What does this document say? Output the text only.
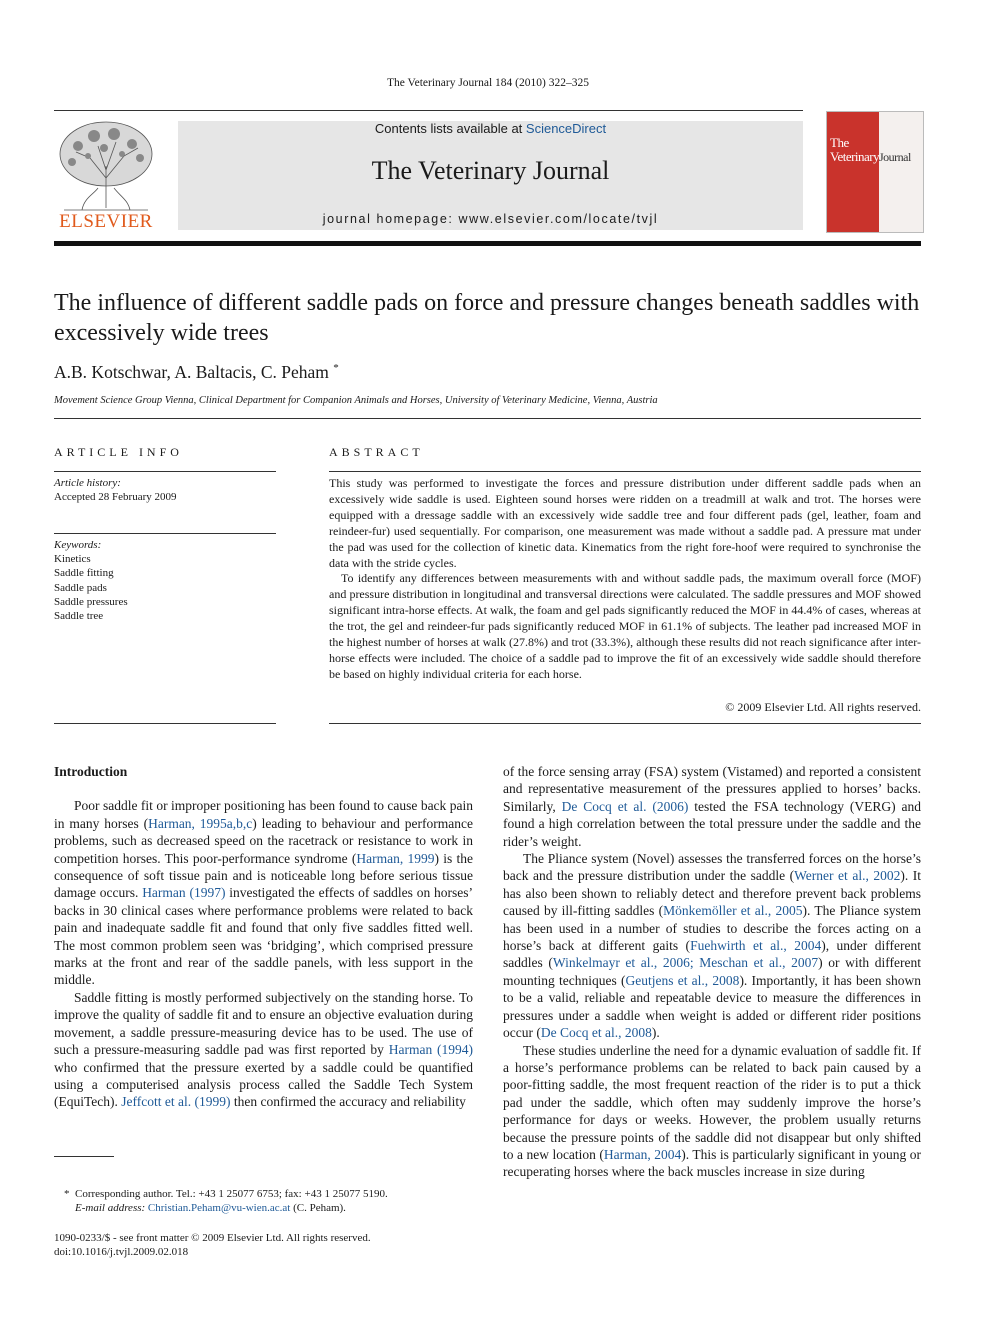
The Veterinary Journal 184 (2010) 322–325
ELSEVIER
Contents lists available at ScienceDirect
The Veterinary Journal
journal homepage: www.elsevier.com/locate/tvjl
The
Veterinary Journal
The influence of different saddle pads on force and pressure changes beneath saddles with excessively wide trees
A.B. Kotschwar, A. Baltacis, C. Peham *
Movement Science Group Vienna, Clinical Department for Companion Animals and Horses, University of Veterinary Medicine, Vienna, Austria
ARTICLE INFO
Article history:
Accepted 28 February 2009
Keywords:
Kinetics
Saddle fitting
Saddle pads
Saddle pressures
Saddle tree
ABSTRACT

This study was performed to investigate the forces and pressure distribution under different saddle pads when an excessively wide saddle is used. Eighteen sound horses were ridden on a treadmill at walk and trot. The horses were equipped with a dressage saddle with an excessively wide saddle tree and four different pads (gel, leather, foam and reindeer-fur) used sequentially. For comparison, one measurement was made without a saddle pad. A pressure mat under the pad was used for the collection of kinetic data. Kinematics from the right fore-hoof were required to synchronise the data with the stride cycles.

To identify any differences between measurements with and without saddle pads, the maximum overall force (MOF) and pressure distribution in longitudinal and transversal directions were calculated. The saddle pressures and MOF showed significant intra-horse effects. At walk, the foam and gel pads significantly reduced the MOF in 44.4% of cases, whereas at the trot, the gel and reindeer-fur pads significantly reduced MOF in 61.1% of subjects. The leather pad increased MOF in the highest number of horses at walk (27.8%) and trot (33.3%), although these results did not reach significance after inter-horse effects were included. The choice of a saddle pad to improve the fit of an excessively wide saddle should therefore be based on highly individual criteria for each horse.

© 2009 Elsevier Ltd. All rights reserved.
Introduction

Poor saddle fit or improper positioning has been found to cause back pain in many horses (Harman, 1995a,b,c) leading to behaviour and performance problems, such as decreased speed on the racetrack or resistance to work in competition horses. This poor-performance syndrome (Harman, 1999) is the consequence of soft tissue pain and is noticeable long before serious tissue damage occurs. Harman (1997) investigated the effects of saddles on horses’ backs in 30 clinical cases where performance problems were related to back pain and inadequate saddle fit and found that only five saddles fitted well. The most common problem seen was ‘bridging’, which comprised pressure marks at the front and rear of the saddle panels, with less support in the middle.

Saddle fitting is mostly performed subjectively on the standing horse. To improve the quality of saddle fit and to ensure an objective evaluation during movement, a saddle pressure-measuring device has to be used. The use of such a pressure-measuring saddle pad was first reported by Harman (1994) who confirmed that the pressure exerted by a saddle could be quantified using a computerised analysis process called the Saddle Tech System (EquiTech). Jeffcott et al. (1999) then confirmed the accuracy and reliability

of the force sensing array (FSA) system (Vistamed) and reported a consistent and representative measurement of the pressures applied to horses’ backs. Similarly, De Cocq et al. (2006) tested the FSA technology (VERG) and found a high correlation between the total pressure under the saddle and the rider’s weight.

The Pliance system (Novel) assesses the transferred forces on the horse’s back and the pressure distribution under the saddle (Werner et al., 2002). It has also been shown to reliably detect and therefore prevent back problems caused by ill-fitting saddles (Mönkemöller et al., 2005). The Pliance system has been used in a number of studies to describe the forces acting on a horse’s back at different gaits (Fuehwirth et al., 2004), under different saddles (Winkelmayr et al., 2006; Meschan et al., 2007) or with different mounting techniques (Geutjens et al., 2008). Importantly, it has been shown to be a valid, reliable and repeatable device to measure the differences in pressures under a saddle when weight is added or different rider positions occur (De Cocq et al., 2008).

These studies underline the need for a dynamic evaluation of saddle fit. If a horse’s performance problems can be related to back pain caused by a poor-fitting saddle, the most frequent reaction of the rider is to put a thick pad under the saddle, which often may suddenly improve the horse’s performance for days or weeks. However, the problem usually returns because the pressure points of the saddle did not disappear but only shifted to a new location (Harman, 2004). This is particularly significant in young or recuperating horses where the back muscles increase in size during

* Corresponding author. Tel.: +43 1 25077 6753; fax: +43 1 25077 5190.
E-mail address: Christian.Peham@vu-wien.ac.at (C. Peham).
1090-0233/$ - see front matter © 2009 Elsevier Ltd. All rights reserved.
doi:10.1016/j.tvjl.2009.02.018
